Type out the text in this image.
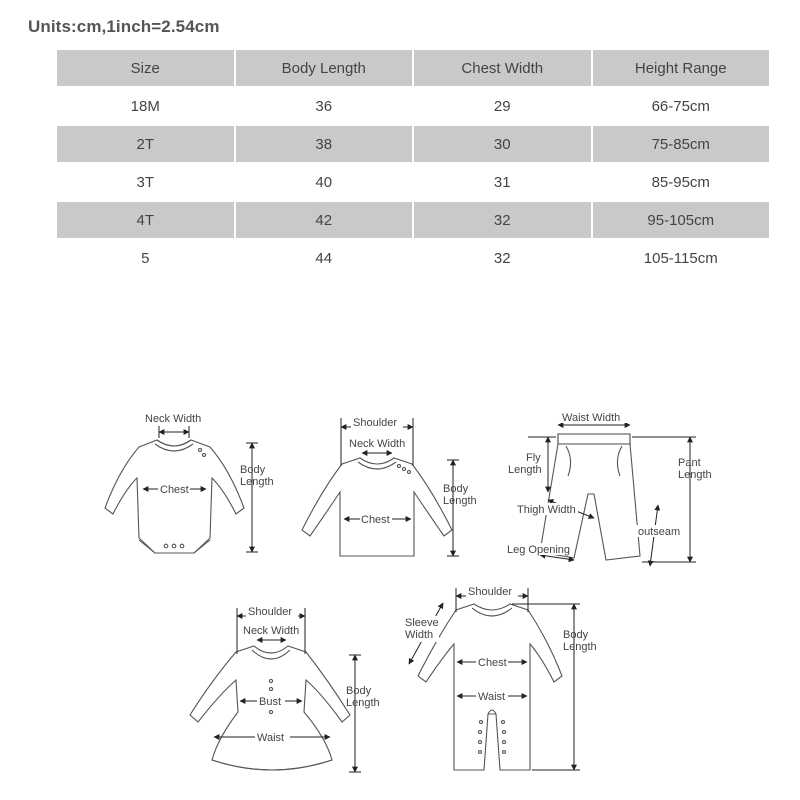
Units:cm,1inch=2.54cm
Size	Body Length	Chest Width	Height Range
18M	36	29	66-75cm
2T	38	30	75-85cm
3T	40	31	85-95cm
4T	42	32	95-105cm
5	44	32	105-115cm
Neck Width
Chest
Body
Length
Shoulder
Neck Width
Chest
Body
Length
Waist Width
Fly
Length
Pant
Length
Thigh Width
outseam
Leg Opening
Shoulder
Neck Width
Bust
Waist
Body
Length
Shoulder
Sleeve
Width
Chest
Waist
Body
Length
